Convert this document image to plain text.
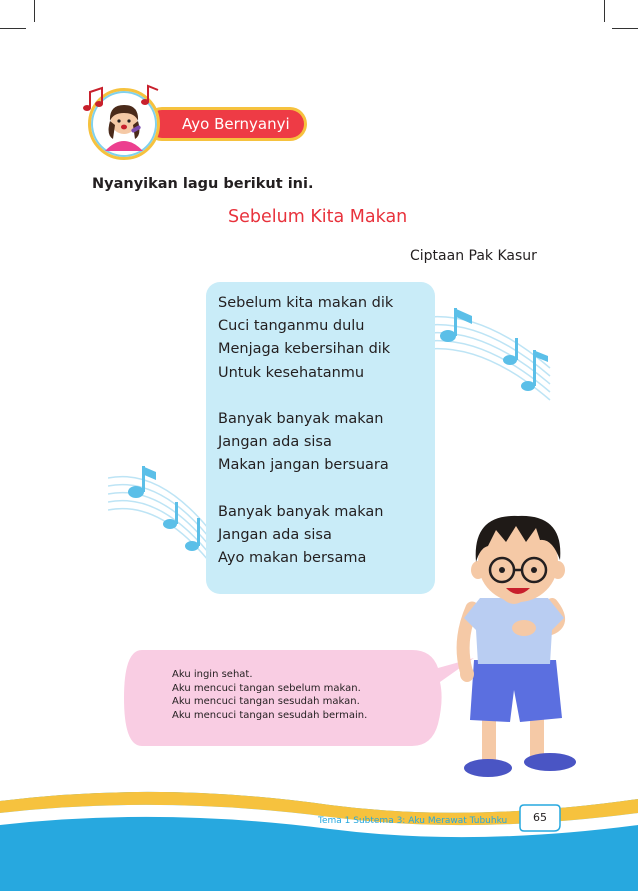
Ayo Bernyanyi
Nyanyikan lagu berikut ini.
Sebelum Kita Makan
Ciptaan Pak Kasur
Sebelum kita makan dik
Cuci tanganmu dulu
Menjaga kebersihan dik
Untuk kesehatanmu
Banyak banyak makan
Jangan ada sisa
Makan jangan bersuara
Banyak banyak makan
Jangan ada sisa
Ayo makan bersama
Aku ingin sehat.
Aku mencuci tangan sebelum makan.
Aku mencuci tangan sesudah makan.
Aku mencuci tangan sesudah bermain.
65
Tema 1 Subtema 3: Aku Merawat Tubuhku
